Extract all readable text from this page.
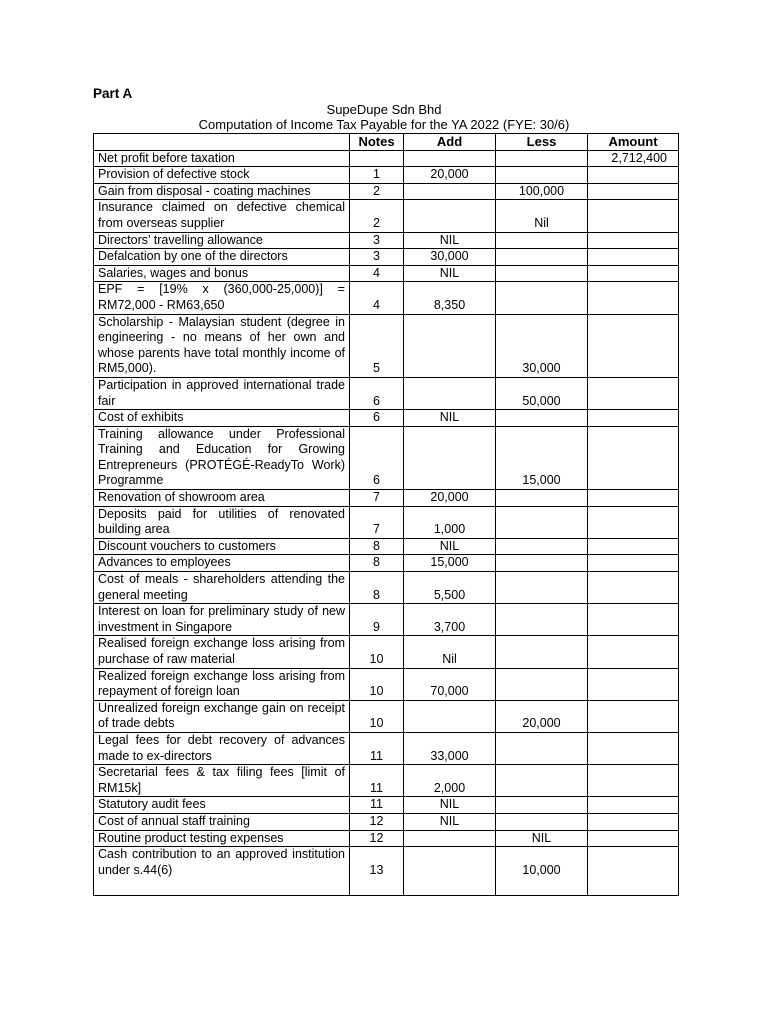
Part A
SupeDupe Sdn Bhd
Computation of Income Tax Payable for the YA 2022 (FYE: 30/6)
	Notes	Add	Less	Amount
Net profit before taxation				2,712,400
Provision of defective stock	1	20,000		
Gain from disposal - coating machines	2		100,000	
Insurance claimed on defective chemical from overseas supplier	2		Nil	
Directors’ travelling allowance	3	NIL		
Defalcation by one of the directors	3	30,000		
Salaries, wages and bonus	4	NIL		
EPF = [19% x (360,000-25,000)] = RM72,000 - RM63,650	4	8,350		
Scholarship - Malaysian student (degree in engineering - no means of her own and whose parents have total monthly income of RM5,000).	5		30,000	
Participation in approved international trade fair	6		50,000	
Cost of exhibits	6	NIL		
Training allowance under Professional Training and Education for Growing Entrepreneurs (PROTÉGÉ-ReadyTo Work) Programme	6		15,000	
Renovation of showroom area	7	20,000		
Deposits paid for utilities of renovated building area	7	1,000		
Discount vouchers to customers	8	NIL		
Advances to employees	8	15,000		
Cost of meals - shareholders attending the general meeting	8	5,500		
Interest on loan for preliminary study of new investment in Singapore	9	3,700		
Realised foreign exchange loss arising from purchase of raw material	10	Nil		
Realized foreign exchange loss arising from repayment of foreign loan	10	70,000		
Unrealized foreign exchange gain on receipt of trade debts	10		20,000	
Legal fees for debt recovery of advances made to ex-directors	11	33,000		
Secretarial fees & tax filing fees [limit of RM15k]	11	2,000		
Statutory audit fees	11	NIL		
Cost of annual staff training	12	NIL		
Routine product testing expenses	12		NIL	
Cash contribution to an approved institution under s.44(6)	13		10,000	
